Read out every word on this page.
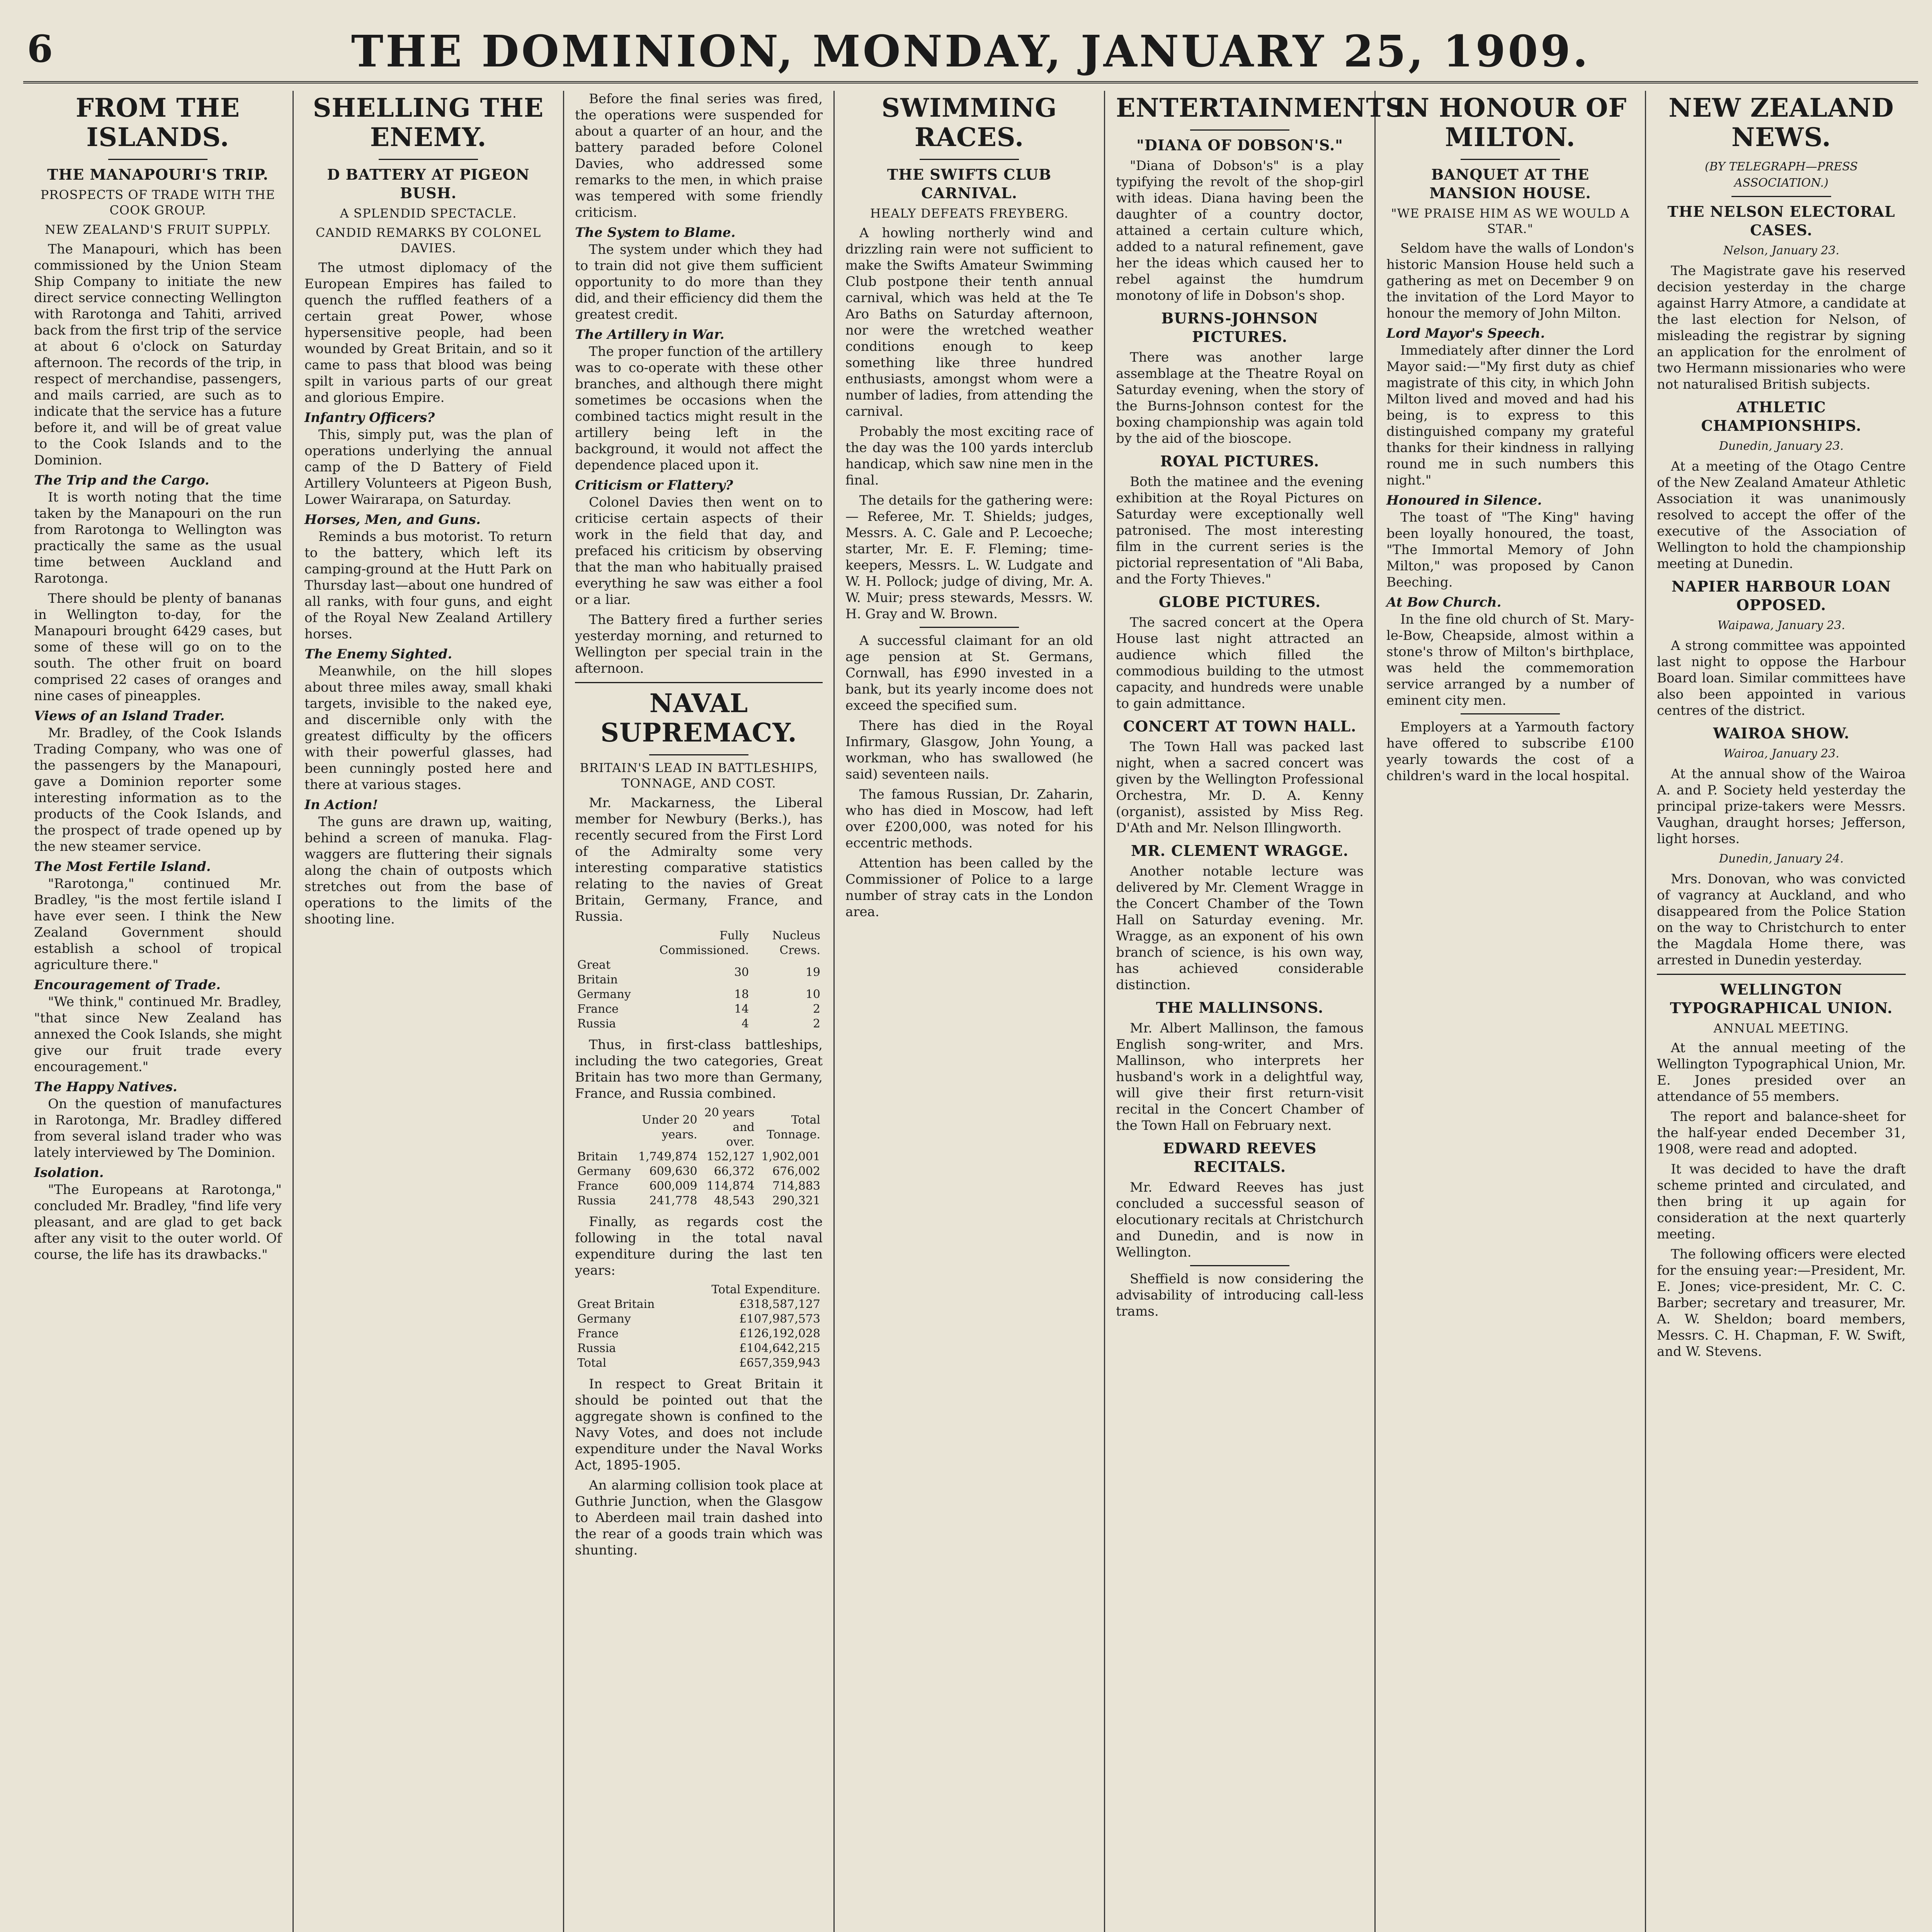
6	THE DOMINION, MONDAY, JANUARY 25, 1909.
FROM THE ISLANDS.
THE MANAPOURI'S TRIP.
PROSPECTS OF TRADE WITH THE COOK GROUP.
NEW ZEALAND'S FRUIT SUPPLY.

The Manapouri, which has been commissioned by the Union Steam Ship Company to initiate the new direct service connecting Wellington with Rarotonga and Tahiti, arrived back from the first trip of the service at about 6 o'clock on Saturday afternoon. The records of the trip, in respect of merchandise, passengers, and mails carried, are such as to indicate that the service has a future before it, and will be of great value to the Cook Islands and to the Dominion.

The Trip and the Cargo.

It is worth noting that the time taken by the Manapouri on the run from Rarotonga to Wellington was practically the same as the usual time between Auckland and Rarotonga.

There should be plenty of bananas in Wellington to-day, for the Manapouri brought 6429 cases, but some of these will go on to the south. The other fruit on board comprised 22 cases of oranges and nine cases of pineapples.

Views of an Island Trader.

Mr. Bradley, of the Cook Islands Trading Company, who was one of the passengers by the Manapouri, gave a Dominion reporter some interesting information as to the products of the Cook Islands, and the prospect of trade opened up by the new steamer service.

The Most Fertile Island.

"Rarotonga," continued Mr. Bradley, "is the most fertile island I have ever seen. I think the New Zealand Government should establish a school of tropical agriculture there."

Encouragement of Trade.

"We think," continued Mr. Bradley, "that since New Zealand has annexed the Cook Islands, she might give our fruit trade every encouragement."

The Happy Natives.

On the question of manufactures in Rarotonga, Mr. Bradley differed from several island trader who was lately interviewed by The Dominion.

Isolation.

"The Europeans at Rarotonga," concluded Mr. Bradley, "find life very pleasant, and are glad to get back after any visit to the outer world. Of course, the life has its drawbacks."

SHELLING THE ENEMY.
D BATTERY AT PIGEON BUSH.
A SPLENDID SPECTACLE.
CANDID REMARKS BY COLONEL DAVIES.

The utmost diplomacy of the European Empires has failed to quench the ruffled feathers of a certain great Power, whose hypersensitive people, had been wounded by Great Britain, and so it came to pass that blood was being spilt in various parts of our great and glorious Empire.

Infantry Officers?

This, simply put, was the plan of operations underlying the annual camp of the D Battery of Field Artillery Volunteers at Pigeon Bush, Lower Wairarapa, on Saturday.

Horses, Men, and Guns.

Reminds a bus motorist. To return to the battery, which left its camping-ground at the Hutt Park on Thursday last—about one hundred of all ranks, with four guns, and eight of the Royal New Zealand Artillery horses.

The Enemy Sighted.

Meanwhile, on the hill slopes about three miles away, small khaki targets, invisible to the naked eye, and discernible only with the greatest difficulty by the officers with their powerful glasses, had been cunningly posted here and there at various stages.

In Action!

The guns are drawn up, waiting, behind a screen of manuka. Flag-waggers are fluttering their signals along the chain of outposts which stretches out from the base of operations to the limits of the shooting line.

Before the final series was fired, the operations were suspended for about a quarter of an hour, and the battery paraded before Colonel Davies, who addressed some remarks to the men, in which praise was tempered with some friendly criticism.

The System to Blame.

The system under which they had to train did not give them sufficient opportunity to do more than they did, and their efficiency did them the greatest credit.

The Artillery in War.

The proper function of the artillery was to co-operate with these other branches, and although there might sometimes be occasions when the combined tactics might result in the artillery being left in the background, it would not affect the dependence placed upon it.

Criticism or Flattery?

Colonel Davies then went on to criticise certain aspects of their work in the field that day, and prefaced his criticism by observing that the man who habitually praised everything he saw was either a fool or a liar.

The Battery fired a further series yesterday morning, and returned to Wellington per special train in the afternoon.

NAVAL SUPREMACY.
BRITAIN'S LEAD IN BATTLESHIPS, TONNAGE, AND COST.

Mr. Mackarness, the Liberal member for Newbury (Berks.), has recently secured from the First Lord of the Admiralty some very interesting comparative statistics relating to the navies of Great Britain, Germany, France, and Russia.

	Fully Commissioned.	Nucleus Crews.
Great Britain	30	19
Germany	18	10
France	14	2
Russia	4	2

Thus, in first-class battleships, including the two categories, Great Britain has two more than Germany, France, and Russia combined.

	Under 20 years.	20 years and over.	Total Tonnage.
Britain	1,749,874	152,127	1,902,001
Germany	609,630	66,372	676,002
France	600,009	114,874	714,883
Russia	241,778	48,543	290,321

Finally, as regards cost the following in the total naval expenditure during the last ten years:

	Total Expenditure.
Great Britain	£318,587,127
Germany	£107,987,573
France	£126,192,028
Russia	£104,642,215
Total	£657,359,943

In respect to Great Britain it should be pointed out that the aggregate shown is confined to the Navy Votes, and does not include expenditure under the Naval Works Act, 1895-1905.

An alarming collision took place at Guthrie Junction, when the Glasgow to Aberdeen mail train dashed into the rear of a goods train which was shunting.

SWIMMING RACES.
THE SWIFTS CLUB CARNIVAL.
HEALY DEFEATS FREYBERG.

A howling northerly wind and drizzling rain were not sufficient to make the Swifts Amateur Swimming Club postpone their tenth annual carnival, which was held at the Te Aro Baths on Saturday afternoon, nor were the wretched weather conditions enough to keep something like three hundred enthusiasts, amongst whom were a number of ladies, from attending the carnival.

Probably the most exciting race of the day was the 100 yards interclub handicap, which saw nine men in the final.

The details for the gathering were:— Referee, Mr. T. Shields; judges, Messrs. A. C. Gale and P. Lecoeche; starter, Mr. E. F. Fleming; time-keepers, Messrs. L. W. Ludgate and W. H. Pollock; judge of diving, Mr. A. W. Muir; press stewards, Messrs. W. H. Gray and W. Brown.

A successful claimant for an old age pension at St. Germans, Cornwall, has £990 invested in a bank, but its yearly income does not exceed the specified sum.

There has died in the Royal Infirmary, Glasgow, John Young, a workman, who has swallowed (he said) seventeen nails.

The famous Russian, Dr. Zaharin, who has died in Moscow, had left over £200,000, was noted for his eccentric methods.

Attention has been called by the Commissioner of Police to a large number of stray cats in the London area.

ENTERTAINMENTS.
"DIANA OF DOBSON'S."

"Diana of Dobson's" is a play typifying the revolt of the shop-girl with ideas. Diana having been the daughter of a country doctor, attained a certain culture which, added to a natural refinement, gave her the ideas which caused her to rebel against the humdrum monotony of life in Dobson's shop.

BURNS-JOHNSON PICTURES.

There was another large assemblage at the Theatre Royal on Saturday evening, when the story of the Burns-Johnson contest for the boxing championship was again told by the aid of the bioscope.

ROYAL PICTURES.

Both the matinee and the evening exhibition at the Royal Pictures on Saturday were exceptionally well patronised. The most interesting film in the current series is the pictorial representation of "Ali Baba, and the Forty Thieves."

GLOBE PICTURES.

The sacred concert at the Opera House last night attracted an audience which filled the commodious building to the utmost capacity, and hundreds were unable to gain admittance.

CONCERT AT TOWN HALL.

The Town Hall was packed last night, when a sacred concert was given by the Wellington Professional Orchestra, Mr. D. A. Kenny (organist), assisted by Miss Reg. D'Ath and Mr. Nelson Illingworth.

MR. CLEMENT WRAGGE.

Another notable lecture was delivered by Mr. Clement Wragge in the Concert Chamber of the Town Hall on Saturday evening. Mr. Wragge, as an exponent of his own branch of science, is his own way, has achieved considerable distinction.

THE MALLINSONS.

Mr. Albert Mallinson, the famous English song-writer, and Mrs. Mallinson, who interprets her husband's work in a delightful way, will give their first return-visit recital in the Concert Chamber of the Town Hall on February next.

EDWARD REEVES RECITALS.

Mr. Edward Reeves has just concluded a successful season of elocutionary recitals at Christchurch and Dunedin, and is now in Wellington.

Sheffield is now considering the advisability of introducing call-less trams.

IN HONOUR OF MILTON.
BANQUET AT THE MANSION HOUSE.
"WE PRAISE HIM AS WE WOULD A STAR."

Seldom have the walls of London's historic Mansion House held such a gathering as met on December 9 on the invitation of the Lord Mayor to honour the memory of John Milton.

Lord Mayor's Speech.

Immediately after dinner the Lord Mayor said:—"My first duty as chief magistrate of this city, in which John Milton lived and moved and had his being, is to express to this distinguished company my grateful thanks for their kindness in rallying round me in such numbers this night."

Honoured in Silence.

The toast of "The King" having been loyally honoured, the toast, "The Immortal Memory of John Milton," was proposed by Canon Beeching.

At Bow Church.

In the fine old church of St. Mary-le-Bow, Cheapside, almost within a stone's throw of Milton's birthplace, was held the commemoration service arranged by a number of eminent city men.

Employers at a Yarmouth factory have offered to subscribe £100 yearly towards the cost of a children's ward in the local hospital.

NEW ZEALAND NEWS.
(BY TELEGRAPH—PRESS ASSOCIATION.)
THE NELSON ELECTORAL CASES.
Nelson, January 23.

The Magistrate gave his reserved decision yesterday in the charge against Harry Atmore, a candidate at the last election for Nelson, of misleading the registrar by signing an application for the enrolment of two Hermann missionaries who were not naturalised British subjects.

ATHLETIC CHAMPIONSHIPS.
Dunedin, January 23.

At a meeting of the Otago Centre of the New Zealand Amateur Athletic Association it was unanimously resolved to accept the offer of the executive of the Association of Wellington to hold the championship meeting at Dunedin.

NAPIER HARBOUR LOAN OPPOSED.
Waipawa, January 23.

A strong committee was appointed last night to oppose the Harbour Board loan. Similar committees have also been appointed in various centres of the district.

WAIROA SHOW.
Wairoa, January 23.

At the annual show of the Wairoa A. and P. Society held yesterday the principal prize-takers were Messrs. Vaughan, draught horses; Jefferson, light horses.

Dunedin, January 24.

Mrs. Donovan, who was convicted of vagrancy at Auckland, and who disappeared from the Police Station on the way to Christchurch to enter the Magdala Home there, was arrested in Dunedin yesterday.

WELLINGTON TYPOGRAPHICAL UNION.
ANNUAL MEETING.

At the annual meeting of the Wellington Typographical Union, Mr. E. Jones presided over an attendance of 55 members.

The report and balance-sheet for the half-year ended December 31, 1908, were read and adopted.

It was decided to have the draft scheme printed and circulated, and then bring it up again for consideration at the next quarterly meeting.

The following officers were elected for the ensuing year:—President, Mr. E. Jones; vice-president, Mr. C. C. Barber; secretary and treasurer, Mr. A. W. Sheldon; board members, Messrs. C. H. Chapman, F. W. Swift, and W. Stevens.
